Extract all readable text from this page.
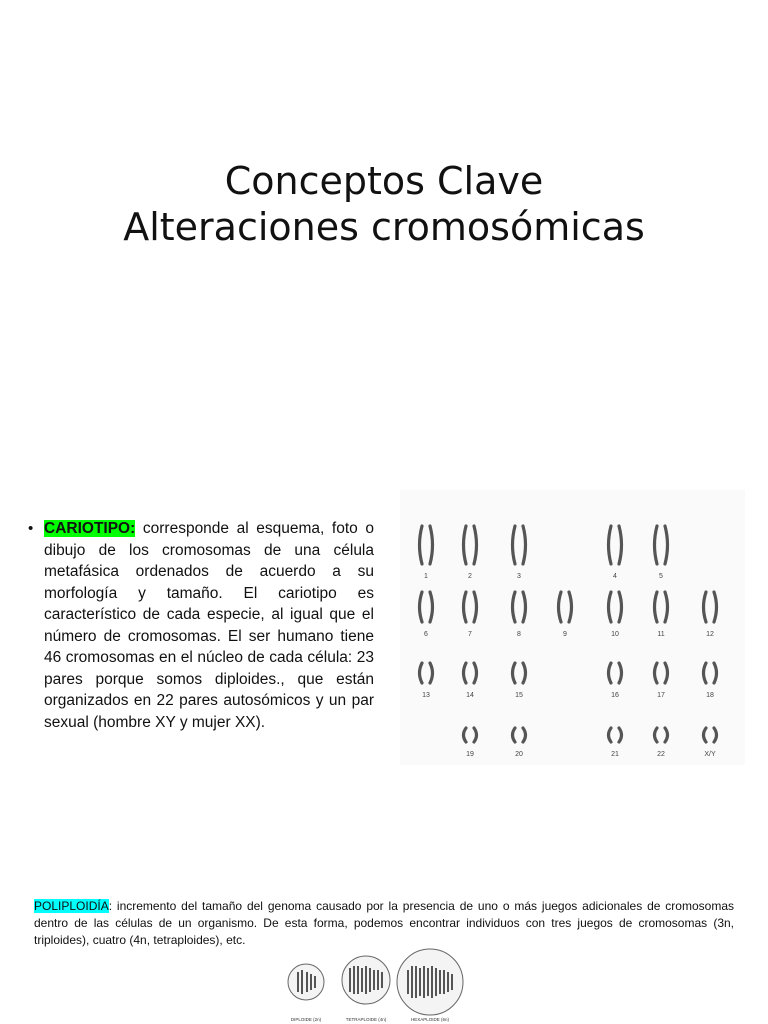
Conceptos Clave
Alteraciones cromosómicas
• CARIOTIPO: corresponde al esquema, foto o dibujo de los cromosomas de una célula metafásica ordenados de acuerdo a su morfología y tamaño. El cariotipo es característico de cada especie, al igual que el número de cromosomas. El ser humano tiene 46 cromosomas en el núcleo de cada célula: 23 pares porque somos diploides., que están organizados en 22 pares autosómicos y un par sexual (hombre XY y mujer XX).
1	2	3	4	5
6	7	8	9	10	11	12
13	14	15	16	17	18
19	20	21	22	X/Y
POLIPLOIDÍA: incremento del tamaño del genoma causado por la presencia de uno o más juegos adicionales de cromosomas dentro de las células de un organismo. De esta forma, podemos encontrar individuos con tres juegos de cromosomas (3n, triploides), cuatro (4n, tetraploides), etc.
DIPLOIDE (2n)	TETRAPLOIDE (4n)	HEXAPLOIDE (6n)
